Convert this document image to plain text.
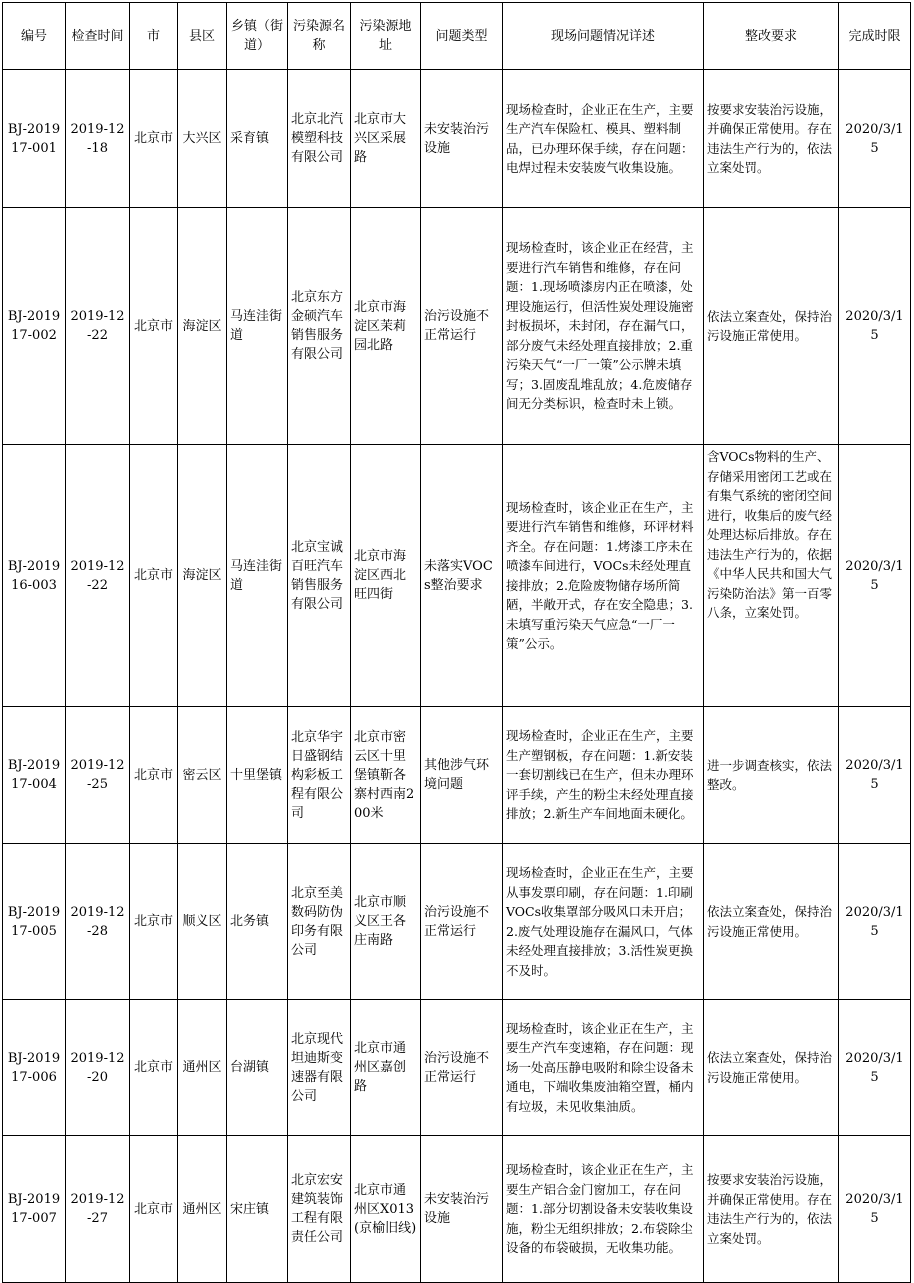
编号	检查时间	市	县区	乡镇（街道）	污染源名称	污染源地址	问题类型	现场问题情况详述	整改要求	完成时限
BJ-201917-001	2019-12-18	北京市	大兴区	采育镇	北京北汽模塑科技有限公司	北京市大兴区采展路	未安装治污设施	现场检查时，企业正在生产，主要生产汽车保险杠、模具、塑料制品，已办理环保手续，存在问题：电焊过程未安装废气收集设施。	按要求安装治污设施，并确保正常使用。存在违法生产行为的，依法立案处罚。	2020/3/15
BJ-201917-002	2019-12-22	北京市	海淀区	马连洼街道	北京东方金硕汽车销售服务有限公司	北京市海淀区茉莉园北路	治污设施不正常运行	现场检查时，该企业正在经营，主要进行汽车销售和维修，存在问题：1.现场喷漆房内正在喷漆，处理设施运行，但活性炭处理设施密封板损坏，未封闭，存在漏气口，部分废气未经处理直接排放；2.重污染天气“一厂一策”公示牌未填写；3.固废乱堆乱放；4.危废储存间无分类标识，检查时未上锁。	依法立案查处，保持治污设施正常使用。	2020/3/15
BJ-201916-003	2019-12-22	北京市	海淀区	马连洼街道	北京宝诚百旺汽车销售服务有限公司	北京市海淀区西北旺四街	未落实VOCs整治要求	现场检查时，该企业正在生产，主要进行汽车销售和维修，环评材料齐全。存在问题：1.烤漆工序未在喷漆车间进行，VOCs未经处理直接排放；2.危险废物储存场所简陋，半敞开式，存在安全隐患；3.未填写重污染天气应急“一厂一策”公示。	含VOCs物料的生产、存储采用密闭工艺或在有集气系统的密闭空间进行，收集后的废气经处理达标后排放。存在违法生产行为的，依据《中华人民共和国大气污染防治法》第一百零八条，立案处罚。	2020/3/15
BJ-201917-004	2019-12-25	北京市	密云区	十里堡镇	北京华宇日盛钢结构彩板工程有限公司	北京市密云区十里堡镇靳各寨村西南200米	其他涉气环境问题	现场检查时，企业正在生产，主要生产塑钢板，存在问题：1.新安装一套切割线已在生产，但未办理环评手续，产生的粉尘未经处理直接排放；2.新生产车间地面未硬化。	进一步调查核实，依法整改。	2020/3/15
BJ-201917-005	2019-12-28	北京市	顺义区	北务镇	北京至美数码防伪印务有限公司	北京市顺义区王各庄南路	治污设施不正常运行	现场检查时，企业正在生产，主要从事发票印刷，存在问题：1.印刷VOCs收集罩部分吸风口未开启；2.废气处理设施存在漏风口，气体未经处理直接排放；3.活性炭更换不及时。	依法立案查处，保持治污设施正常使用。	2020/3/15
BJ-201917-006	2019-12-20	北京市	通州区	台湖镇	北京现代坦迪斯变速器有限公司	北京市通州区嘉创路	治污设施不正常运行	现场检查时，该企业正在生产，主要生产汽车变速箱，存在问题：现场一处高压静电吸附和除尘设备未通电，下端收集废油箱空置，桶内有垃圾，未见收集油质。	依法立案查处，保持治污设施正常使用。	2020/3/15
BJ-201917-007	2019-12-27	北京市	通州区	宋庄镇	北京宏安建筑装饰工程有限责任公司	北京市通州区X013(京榆旧线)	未安装治污设施	现场检查时，该企业正在生产，主要生产铝合金门窗加工，存在问题：1.部分切割设备未安装收集设施，粉尘无组织排放；2.布袋除尘设备的布袋破损，无收集功能。	按要求安装治污设施，并确保正常使用。存在违法生产行为的，依法立案处罚。	2020/3/15
